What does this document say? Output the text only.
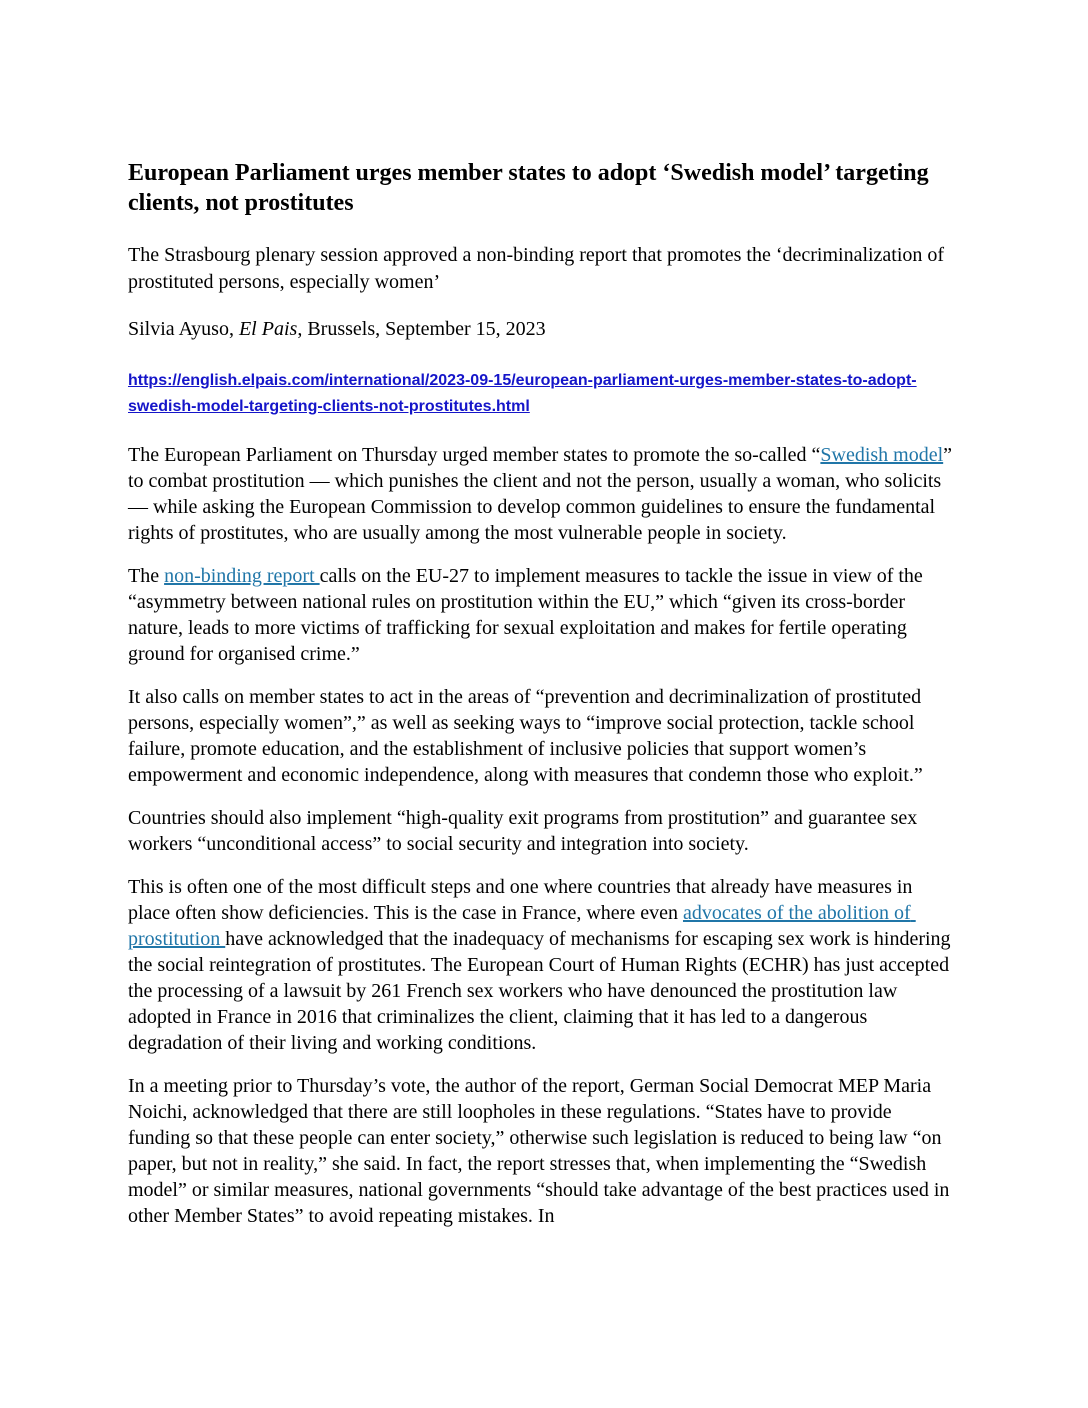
European Parliament urges member states to adopt ‘Swedish model’ targeting clients, not prostitutes

The Strasbourg plenary session approved a non-binding report that promotes the ‘decriminalization of prostituted persons, especially women’

Silvia Ayuso, El Pais, Brussels, September 15, 2023

https://english.elpais.com/international/2023-09-15/european-parliament-urges-member-states-to-adopt-swedish-model-targeting-clients-not-prostitutes.html

The European Parliament on Thursday urged member states to promote the so-called “Swedish model” to combat prostitution — which punishes the client and not the person, usually a woman, who solicits — while asking the European Commission to develop common guidelines to ensure the fundamental rights of prostitutes, who are usually among the most vulnerable people in society.

The non-binding report calls on the EU-27 to implement measures to tackle the issue in view of the “asymmetry between national rules on prostitution within the EU,” which “given its cross-border nature, leads to more victims of trafficking for sexual exploitation and makes for fertile operating ground for organised crime.”

It also calls on member states to act in the areas of “prevention and decriminalization of prostituted persons, especially women”,” as well as seeking ways to “improve social protection, tackle school failure, promote education, and the establishment of inclusive policies that support women’s empowerment and economic independence, along with measures that condemn those who exploit.”

Countries should also implement “high-quality exit programs from prostitution” and guarantee sex workers “unconditional access” to social security and integration into society.

This is often one of the most difficult steps and one where countries that already have measures in place often show deficiencies. This is the case in France, where even advocates of the abolition of prostitution have acknowledged that the inadequacy of mechanisms for escaping sex work is hindering the social reintegration of prostitutes. The European Court of Human Rights (ECHR) has just accepted the processing of a lawsuit by 261 French sex workers who have denounced the prostitution law adopted in France in 2016 that criminalizes the client, claiming that it has led to a dangerous degradation of their living and working conditions.

In a meeting prior to Thursday’s vote, the author of the report, German Social Democrat MEP Maria Noichi, acknowledged that there are still loopholes in these regulations. “States have to provide funding so that these people can enter society,” otherwise such legislation is reduced to being law “on paper, but not in reality,” she said. In fact, the report stresses that, when implementing the “Swedish model” or similar measures, national governments “should take advantage of the best practices used in other Member States” to avoid repeating mistakes. In
